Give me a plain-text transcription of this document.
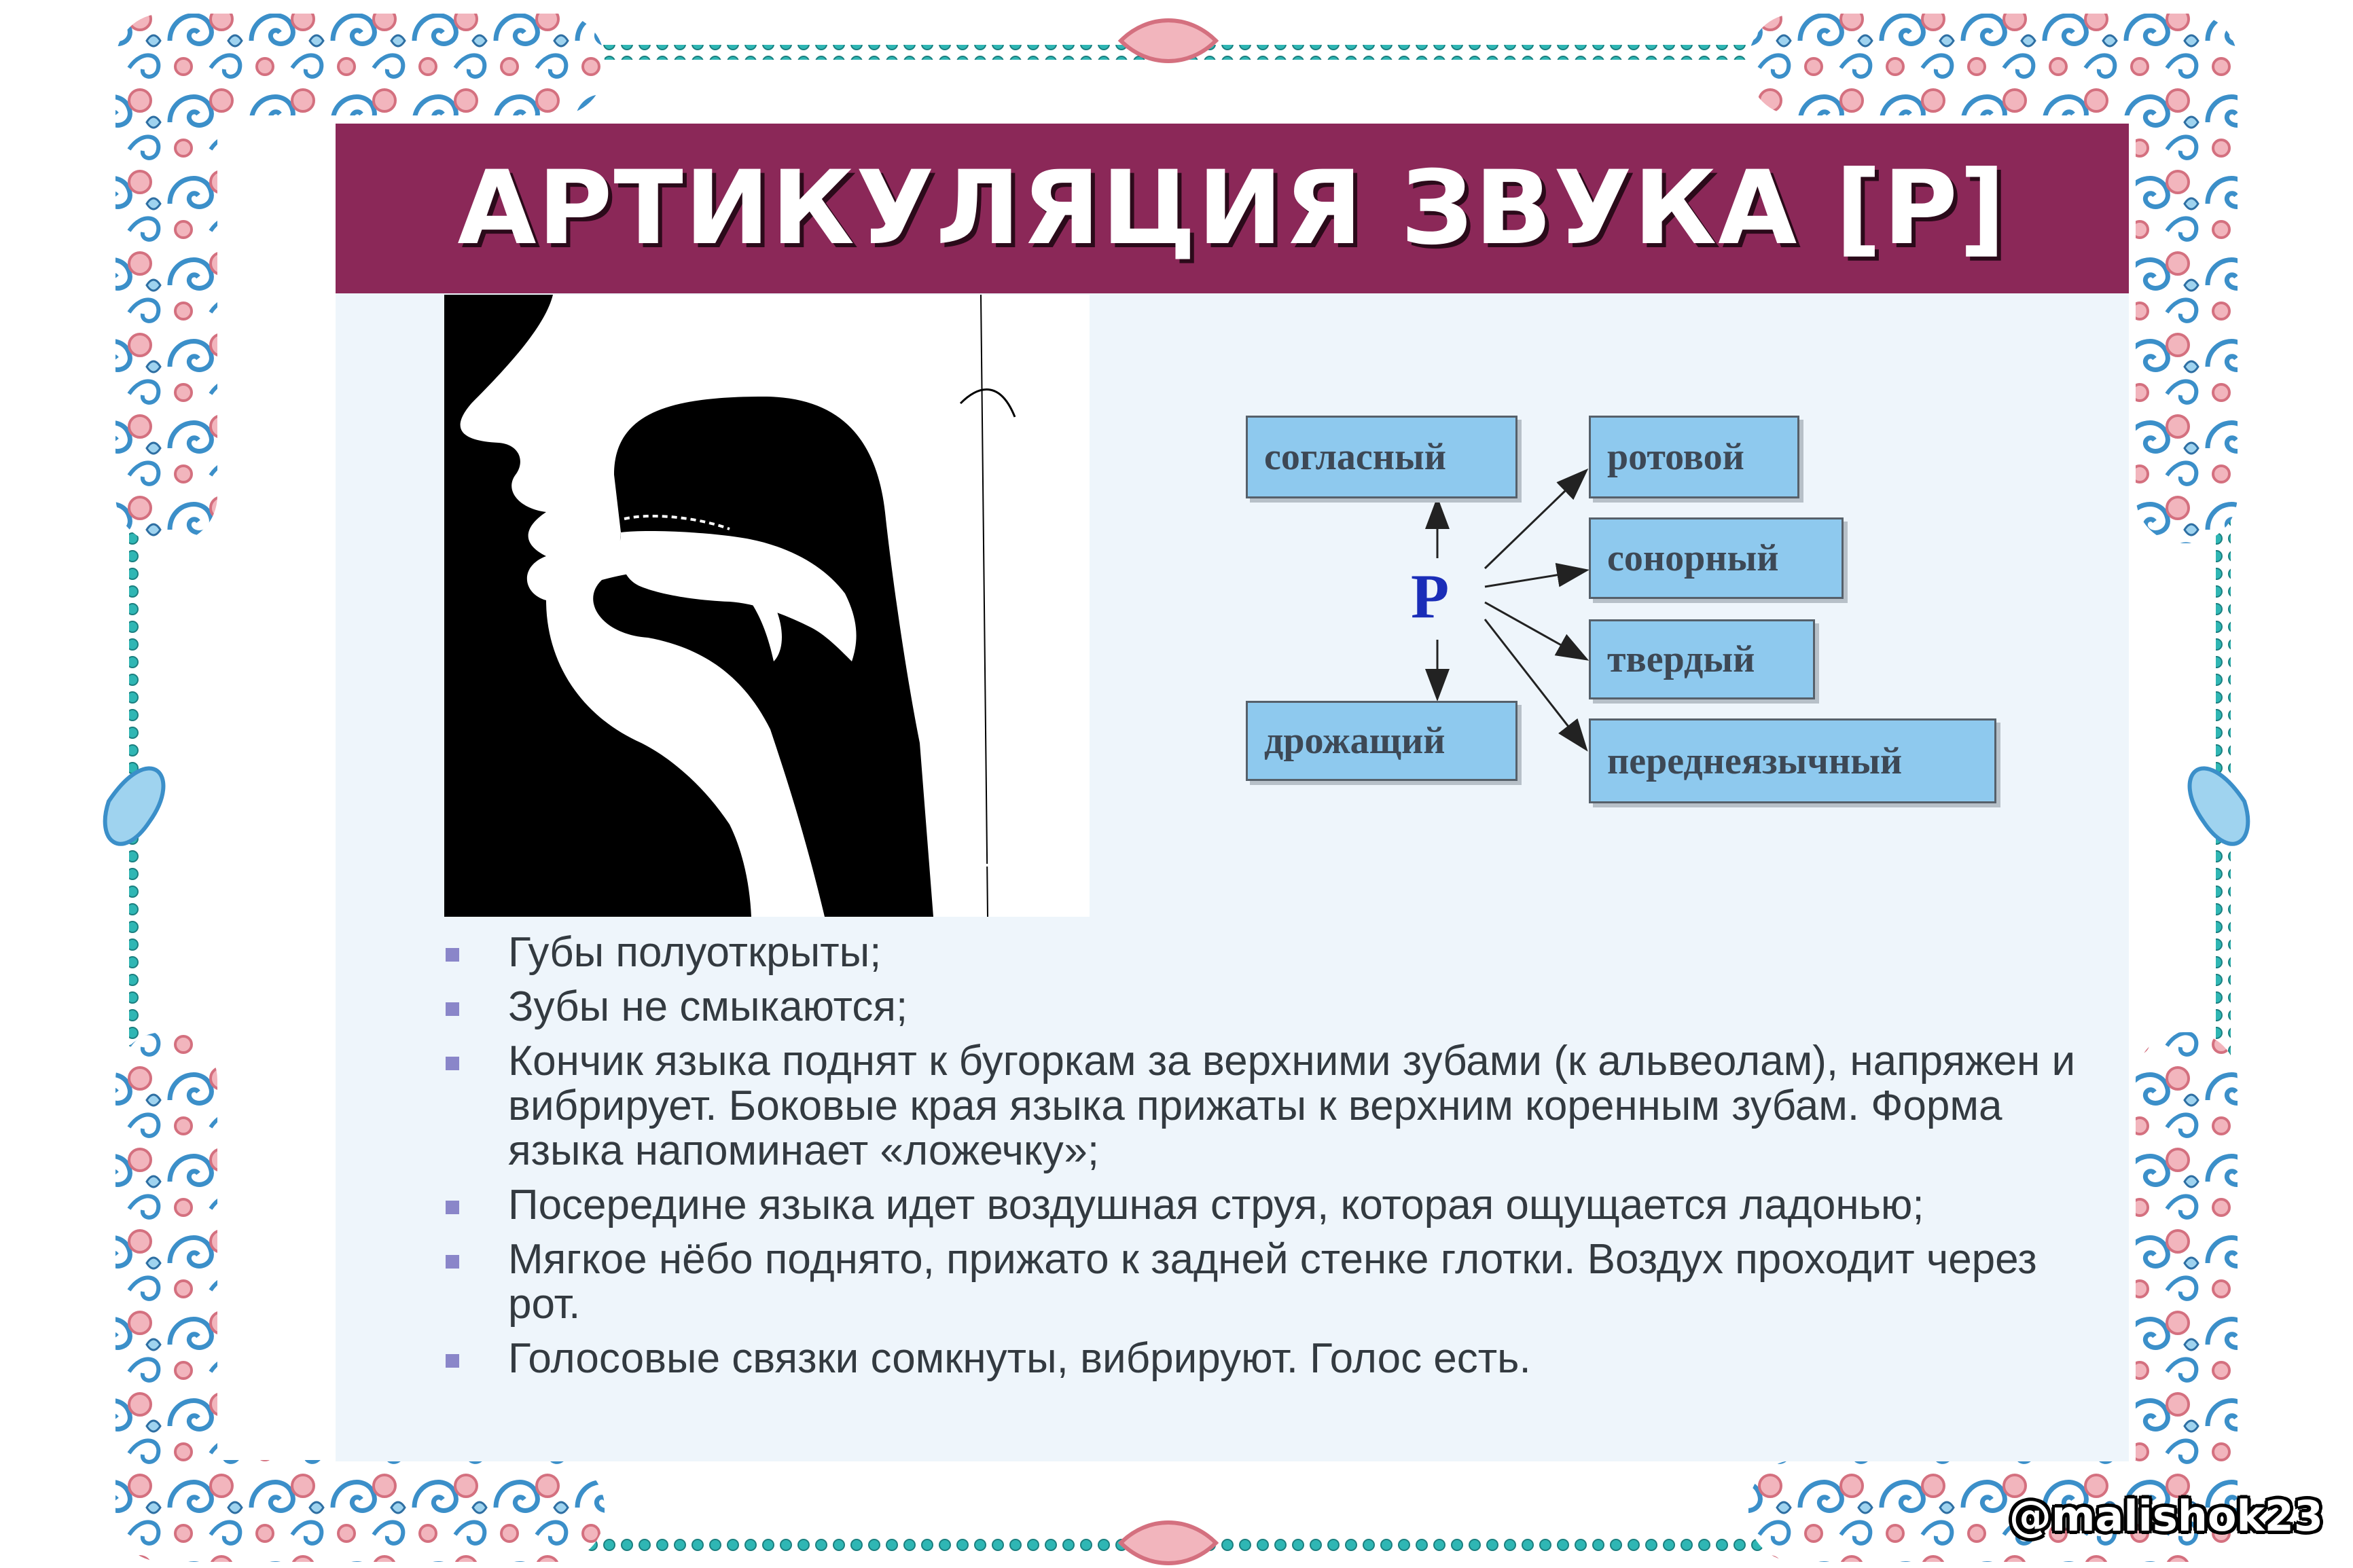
АРТИКУЛЯЦИЯ ЗВУКА [Р]
согласный
дрожащий
Р
ротовой
сонорный
твердый
переднеязычный
Губы полуоткрыты;
Зубы не смыкаются;
Кончик языка поднят к бугоркам за верхними зубами (к альвеолам), напряжен и вибрирует. Боковые края языка прижаты к верхним коренным зубам. Форма языка напоминает «ложечку»;
Посередине языка идет воздушная струя, которая ощущается ладонью;
Мягкое нёбо поднято, прижато к задней стенке глотки. Воздух проходит через рот.
Голосовые связки сомкнуты, вибрируют. Голос есть.
@malishok23
